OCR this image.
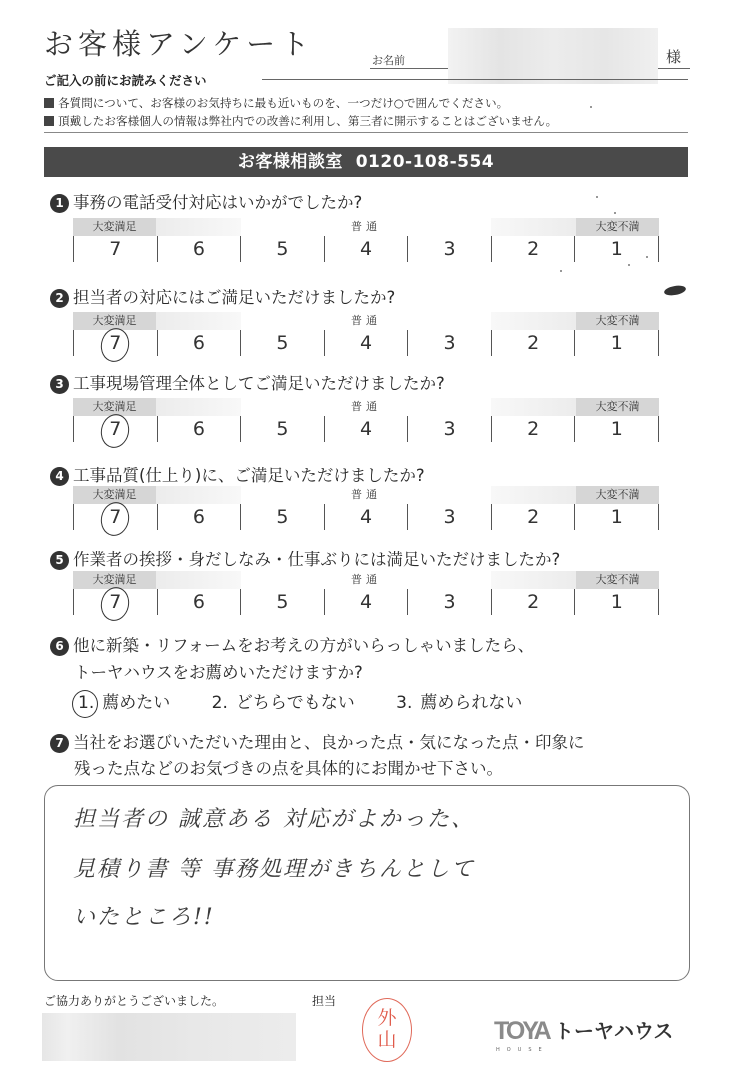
お客様アンケート	お名前	様
ご記入の前にお読みください
各質問について、お客様のお気持ちに最も近いものを、一つだけ○で囲んでください。
頂戴したお客様個人の情報は弊社内での改善に利用し、第三者に開示することはございません。
お客様相談室 0120-108-554
1 事務の電話受付対応はいかがでしたか?
大変満足	普通	大変不満
7	6	5	4	3	2	1
2 担当者の対応にはご満足いただけましたか?
大変満足	普通	大変不満
7	6	5	4	3	2	1
3 工事現場管理全体としてご満足いただけましたか?
大変満足	普通	大変不満
7	6	5	4	3	2	1
4 工事品質(仕上り)に、ご満足いただけましたか?
大変満足	普通	大変不満
7	6	5	4	3	2	1
5 作業者の挨拶・身だしなみ・仕事ぶりには満足いただけましたか?
大変満足	普通	大変不満
7	6	5	4	3	2	1
6 他に新築・リフォームをお考えの方がいらっしゃいましたら、
トーヤハウスをお薦めいただけますか?
1. 薦めたい 2. どちらでもない 3. 薦められない
7 当社をお選びいただいた理由と、良かった点・気になった点・印象に
残った点などのお気づきの点を具体的にお聞かせ下さい。
担当者の 誠意ある 対応がよかった、
見積り書 等 事務処理がきちんとして
いたところ!!
ご協力ありがとうございました。	担当
外
山	TOYA
HOUSE
トーヤハウス
